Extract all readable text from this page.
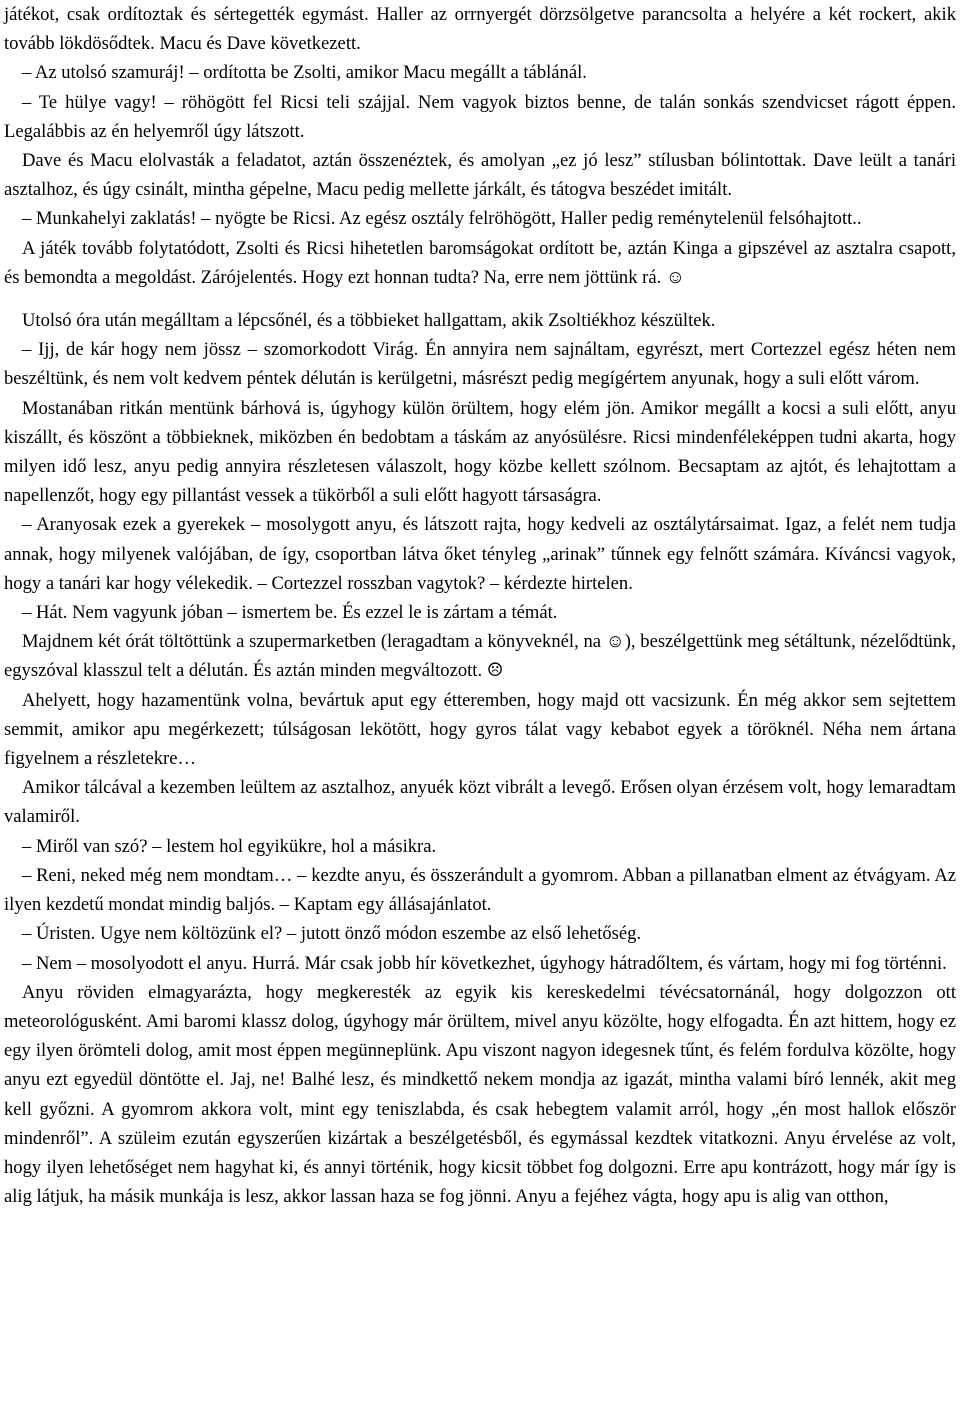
játékot, csak ordítoztak és sértegették egymást. Haller az orrnyergét dörzsölgetve parancsolta a helyére a két rockert, akik tovább lökdösődtek. Macu és Dave következett.

– Az utolsó szamuráj! – ordította be Zsolti, amikor Macu megállt a táblánál.

– Te hülye vagy! – röhögött fel Ricsi teli szájjal. Nem vagyok biztos benne, de talán sonkás szendvicset rágott éppen. Legalábbis az én helyemről úgy látszott.

Dave és Macu elolvasták a feladatot, aztán összenéztek, és amolyan „ez jó lesz” stílusban bólintottak. Dave leült a tanári asztalhoz, és úgy csinált, mintha gépelne, Macu pedig mellette járkált, és tátogva beszédet imitált.

– Munkahelyi zaklatás! – nyögte be Ricsi. Az egész osztály felröhögött, Haller pedig reménytelenül felsóhajtott..

A játék tovább folytatódott, Zsolti és Ricsi hihetetlen baromságokat ordított be, aztán Kinga a gipszével az asztalra csapott, és bemondta a megoldást. Zárójelentés. Hogy ezt honnan tudta? Na, erre nem jöttünk rá. ☺

Utolsó óra után megálltam a lépcsőnél, és a többieket hallgattam, akik Zsoltiékhoz készültek.

– Ijj, de kár hogy nem jössz – szomorkodott Virág. Én annyira nem sajnáltam, egyrészt, mert Cortezzel egész héten nem beszéltünk, és nem volt kedvem péntek délután is kerülgetni, másrészt pedig megígértem anyunak, hogy a suli előtt várom.

Mostanában ritkán mentünk bárhová is, úgyhogy külön örültem, hogy elém jön. Amikor megállt a kocsi a suli előtt, anyu kiszállt, és köszönt a többieknek, miközben én bedobtam a táskám az anyósülésre. Ricsi mindenféleképpen tudni akarta, hogy milyen idő lesz, anyu pedig annyira részletesen válaszolt, hogy közbe kellett szólnom. Becsaptam az ajtót, és lehajtottam a napellenzőt, hogy egy pillantást vessek a tükörből a suli előtt hagyott társaságra.

– Aranyosak ezek a gyerekek – mosolygott anyu, és látszott rajta, hogy kedveli az osztálytársaimat. Igaz, a felét nem tudja annak, hogy milyenek valójában, de így, csoportban látva őket tényleg „arinak” tűnnek egy felnőtt számára. Kíváncsi vagyok, hogy a tanári kar hogy vélekedik. – Cortezzel rosszban vagytok? – kérdezte hirtelen.

– Hát. Nem vagyunk jóban – ismertem be. És ezzel le is zártam a témát.

Majdnem két órát töltöttünk a szupermarketben (leragadtam a könyveknél, na ☺), beszélgettünk meg sétáltunk, nézelődtünk, egyszóval klasszul telt a délután. És aztán minden megváltozott. ☹

Ahelyett, hogy hazamentünk volna, bevártuk aput egy étteremben, hogy majd ott vacsizunk. Én még akkor sem sejtettem semmit, amikor apu megérkezett; túlságosan lekötött, hogy gyros tálat vagy kebabot egyek a töröknél. Néha nem ártana figyelnem a részletekre…

Amikor tálcával a kezemben leültem az asztalhoz, anyuék közt vibrált a levegő. Erősen olyan érzésem volt, hogy lemaradtam valamiről.

– Miről van szó? – lestem hol egyikükre, hol a másikra.

– Reni, neked még nem mondtam… – kezdte anyu, és összerándult a gyomrom. Abban a pillanatban elment az étvágyam. Az ilyen kezdetű mondat mindig baljós. – Kaptam egy állásajánlatot.

– Úristen. Ugye nem költözünk el? – jutott önző módon eszembe az első lehetőség.

– Nem – mosolyodott el anyu. Hurrá. Már csak jobb hír következhet, úgyhogy hátradőltem, és vártam, hogy mi fog történni.

Anyu röviden elmagyarázta, hogy megkeresték az egyik kis kereskedelmi tévécsatornánál, hogy dolgozzon ott meteorológusként. Ami baromi klassz dolog, úgyhogy már örültem, mivel anyu közölte, hogy elfogadta. Én azt hittem, hogy ez egy ilyen örömteli dolog, amit most éppen megünneplünk. Apu viszont nagyon idegesnek tűnt, és felém fordulva közölte, hogy anyu ezt egyedül döntötte el. Jaj, ne! Balhé lesz, és mindkettő nekem mondja az igazát, mintha valami bíró lennék, akit meg kell győzni. A gyomrom akkora volt, mint egy teniszlabda, és csak hebegtem valamit arról, hogy „én most hallok először mindenről”. A szüleim ezután egyszerűen kizártak a beszélgetésből, és egymással kezdtek vitatkozni. Anyu érvelése az volt, hogy ilyen lehetőséget nem hagyhat ki, és annyi történik, hogy kicsit többet fog dolgozni. Erre apu kontrázott, hogy már így is alig látjuk, ha másik munkája is lesz, akkor lassan haza se fog jönni. Anyu a fejéhez vágta, hogy apu is alig van otthon,
